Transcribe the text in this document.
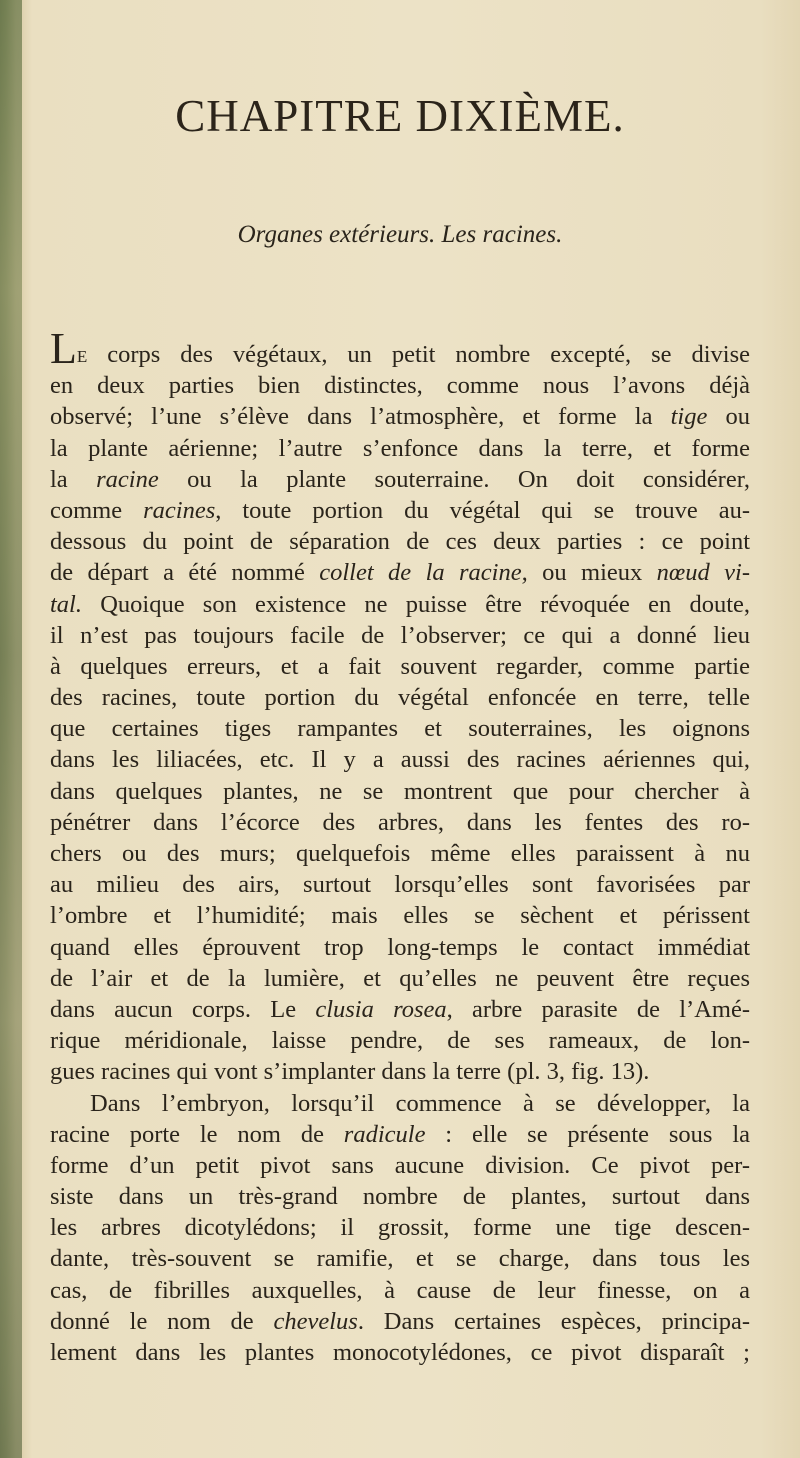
CHAPITRE DIXIÈME.
Organes extérieurs. Les racines.
Le corps des végétaux, un petit nombre excepté, se divise
en deux parties bien distinctes, comme nous l’avons déjà
observé; l’une s’élève dans l’atmosphère, et forme la tige ou
la plante aérienne; l’autre s’enfonce dans la terre, et forme
la racine ou la plante souterraine. On doit considérer,
comme racines, toute portion du végétal qui se trouve au-
dessous du point de séparation de ces deux parties : ce point
de départ a été nommé collet de la racine, ou mieux nœud vi-
tal. Quoique son existence ne puisse être révoquée en doute,
il n’est pas toujours facile de l’observer; ce qui a donné lieu
à quelques erreurs, et a fait souvent regarder, comme partie
des racines, toute portion du végétal enfoncée en terre, telle
que certaines tiges rampantes et souterraines, les oignons
dans les liliacées, etc. Il y a aussi des racines aériennes qui,
dans quelques plantes, ne se montrent que pour chercher à
pénétrer dans l’écorce des arbres, dans les fentes des ro-
chers ou des murs; quelquefois même elles paraissent à nu
au milieu des airs, surtout lorsqu’elles sont favorisées par
l’ombre et l’humidité; mais elles se sèchent et périssent
quand elles éprouvent trop long-temps le contact immédiat
de l’air et de la lumière, et qu’elles ne peuvent être reçues
dans aucun corps. Le clusia rosea, arbre parasite de l’Amé-
rique méridionale, laisse pendre, de ses rameaux, de lon-
gues racines qui vont s’implanter dans la terre (pl. 3, fig. 13).
Dans l’embryon, lorsqu’il commence à se développer, la
racine porte le nom de radicule : elle se présente sous la
forme d’un petit pivot sans aucune division. Ce pivot per-
siste dans un très-grand nombre de plantes, surtout dans
les arbres dicotylédons; il grossit, forme une tige descen-
dante, très-souvent se ramifie, et se charge, dans tous les
cas, de fibrilles auxquelles, à cause de leur finesse, on a
donné le nom de chevelus. Dans certaines espèces, principa-
lement dans les plantes monocotylédones, ce pivot disparaît ;
